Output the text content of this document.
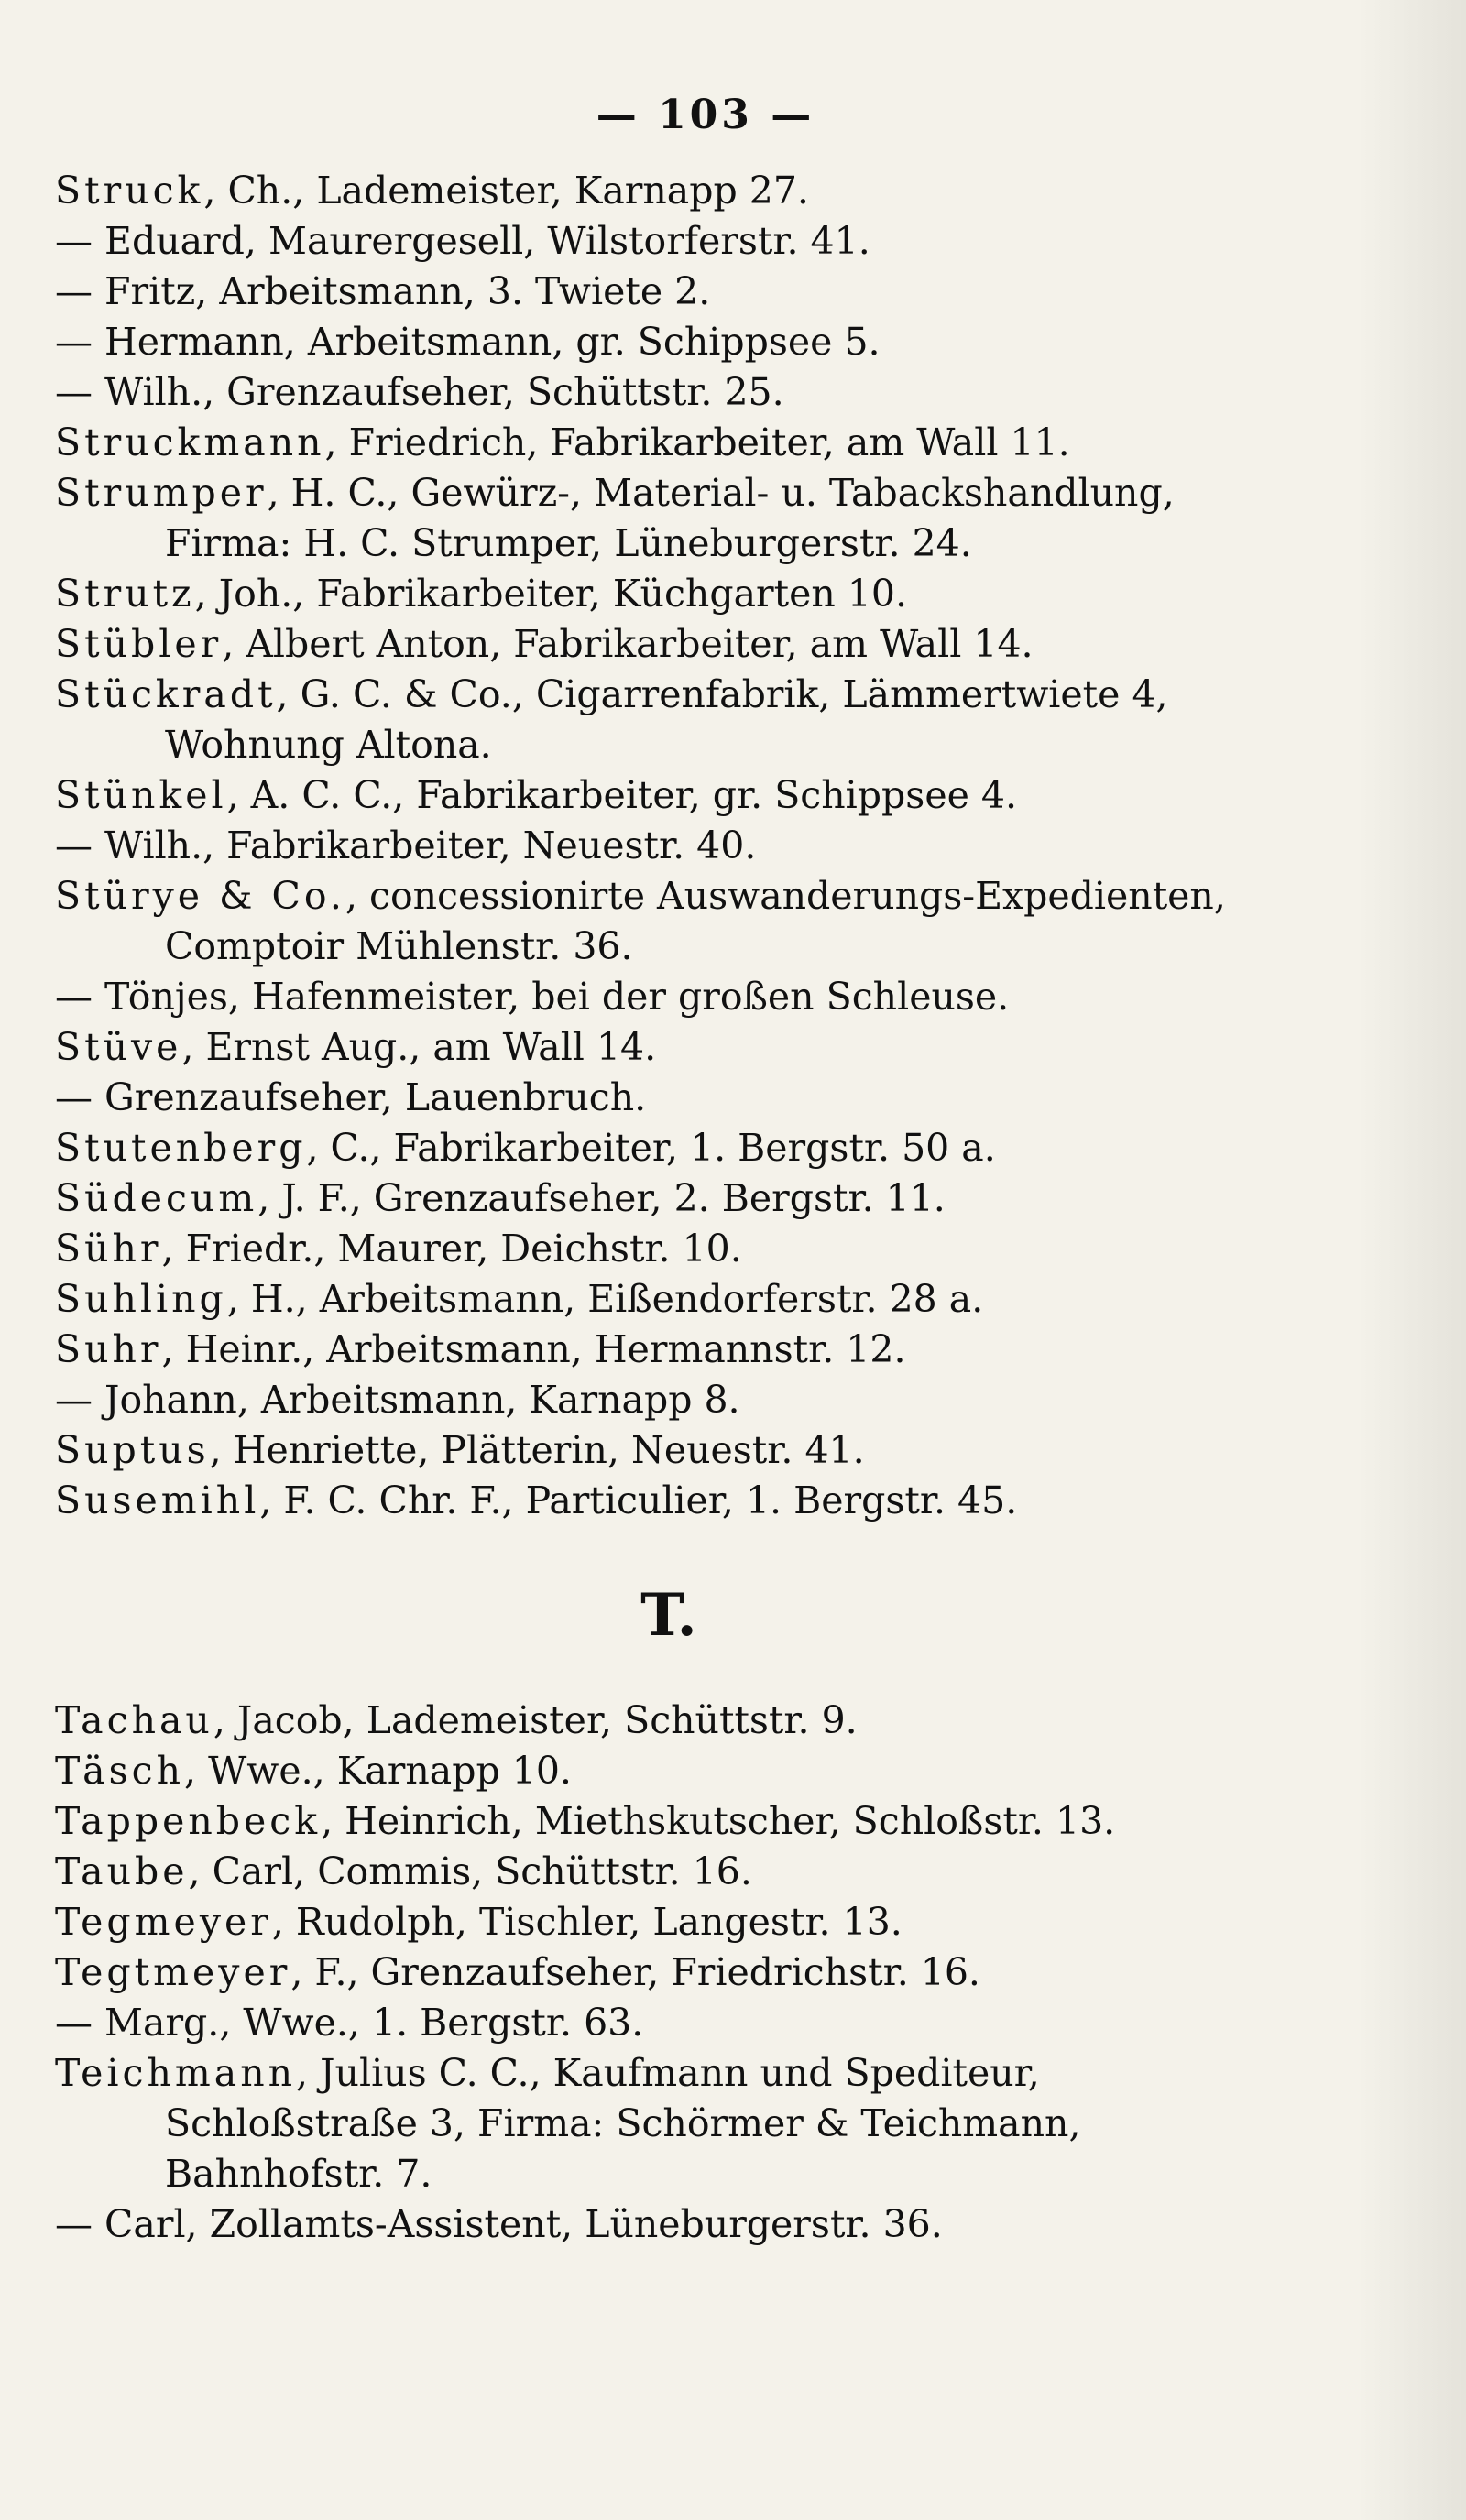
— 103 —
Struck, Ch., Lademeister, Karnapp 27.
— Eduard, Maurergesell, Wilstorferstr. 41.
— Fritz, Arbeitsmann, 3. Twiete 2.
— Hermann, Arbeitsmann, gr. Schippsee 5.
— Wilh., Grenzaufseher, Schüttstr. 25.
Struckmann, Friedrich, Fabrikarbeiter, am Wall 11.
Strumper, H. C., Gewürz-, Material- u. Tabackshandlung, Firma: H. C. Strumper, Lüneburgerstr. 24.
Strutz, Joh., Fabrikarbeiter, Küchgarten 10.
Stübler, Albert Anton, Fabrikarbeiter, am Wall 14.
Stückradt, G. C. & Co., Cigarrenfabrik, Lämmertwiete 4, Wohnung Altona.
Stünkel, A. C. C., Fabrikarbeiter, gr. Schippsee 4.
— Wilh., Fabrikarbeiter, Neuestr. 40.
Stürye & Co., concessionirte Auswanderungs-Expedienten, Comptoir Mühlenstr. 36.
— Tönjes, Hafenmeister, bei der großen Schleuse.
Stüve, Ernst Aug., am Wall 14.
— Grenzaufseher, Lauenbruch.
Stutenberg, C., Fabrikarbeiter, 1. Bergstr. 50 a.
Südecum, J. F., Grenzaufseher, 2. Bergstr. 11.
Sühr, Friedr., Maurer, Deichstr. 10.
Suhling, H., Arbeitsmann, Eißendorferstr. 28 a.
Suhr, Heinr., Arbeitsmann, Hermannstr. 12.
— Johann, Arbeitsmann, Karnapp 8.
Suptus, Henriette, Plätterin, Neuestr. 41.
Susemihl, F. C. Chr. F., Particulier, 1. Bergstr. 45.
T.
Tachau, Jacob, Lademeister, Schüttstr. 9.
Täsch, Wwe., Karnapp 10.
Tappenbeck, Heinrich, Miethskutscher, Schloßstr. 13.
Taube, Carl, Commis, Schüttstr. 16.
Tegmeyer, Rudolph, Tischler, Langestr. 13.
Tegtmeyer, F., Grenzaufseher, Friedrichstr. 16.
— Marg., Wwe., 1. Bergstr. 63.
Teichmann, Julius C. C., Kaufmann und Spediteur, Schloßstraße 3, Firma: Schörmer & Teichmann, Bahnhofstr. 7.
— Carl, Zollamts-Assistent, Lüneburgerstr. 36.
